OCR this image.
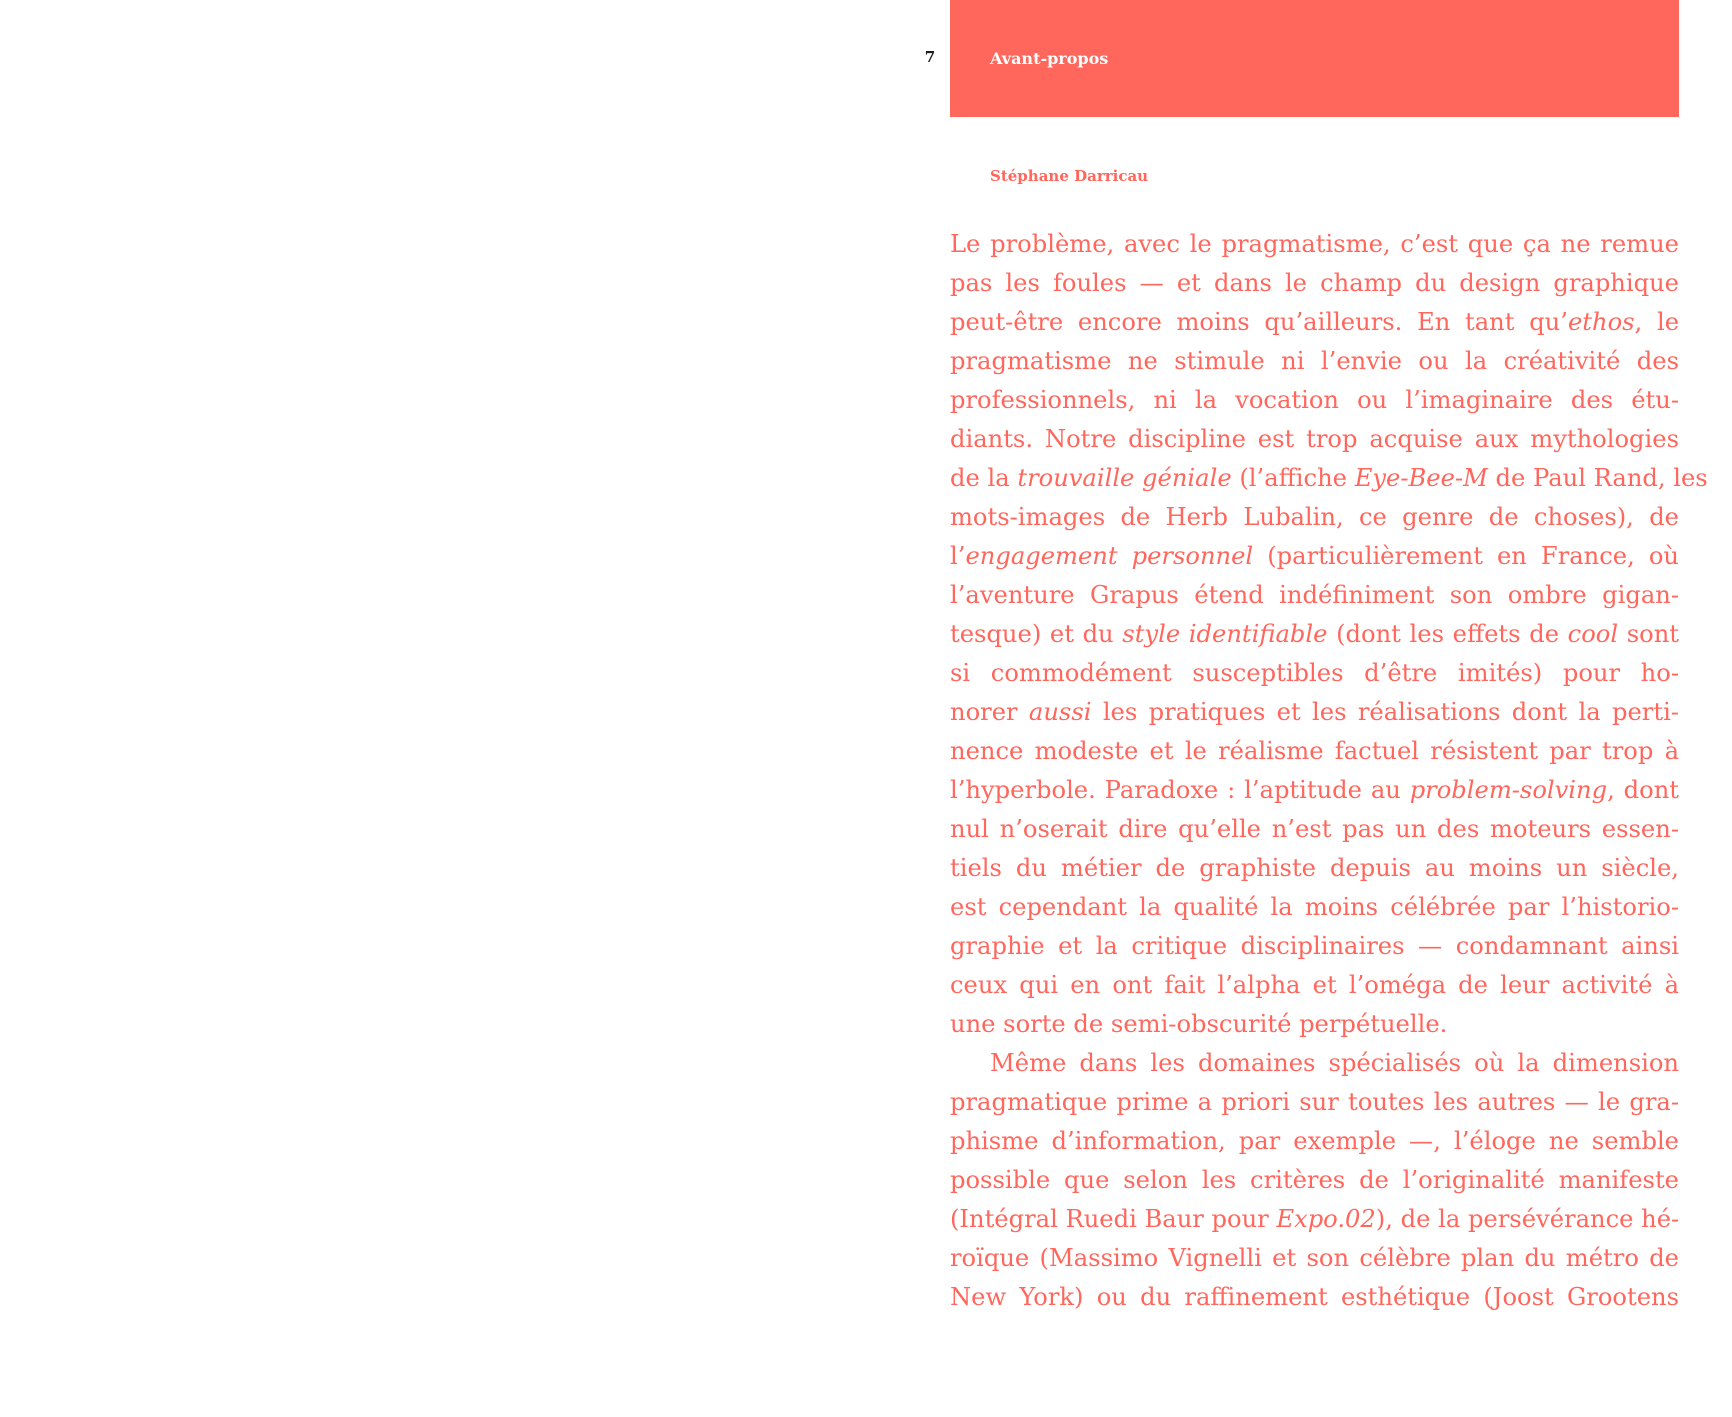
7	Avant-propos
Stéphane Darricau
Le problème, avec le pragmatisme, c’est que ça ne remue
pas les foules — et dans le champ du design graphique
peut-être encore moins qu’ailleurs. En tant qu’ethos, le
pragmatisme ne stimule ni l’envie ou la créativité des
professionnels, ni la vocation ou l’imaginaire des étu-
diants. Notre discipline est trop acquise aux mythologies
de la trouvaille géniale (l’affiche Eye-Bee-M de Paul Rand, les
mots-images de Herb Lubalin, ce genre de choses), de
l’engagement personnel (particulièrement en France, où
l’aventure Grapus étend indéfiniment son ombre gigan-
tesque) et du style identifiable (dont les effets de cool sont
si commodément susceptibles d’être imités) pour ho-
norer aussi les pratiques et les réalisations dont la perti-
nence modeste et le réalisme factuel résistent par trop à
l’hyperbole. Paradoxe : l’aptitude au problem-solving, dont
nul n’oserait dire qu’elle n’est pas un des moteurs essen-
tiels du métier de graphiste depuis au moins un siècle,
est cependant la qualité la moins célébrée par l’historio-
graphie et la critique disciplinaires — condamnant ainsi
ceux qui en ont fait l’alpha et l’oméga de leur activité à
une sorte de semi-obscurité perpétuelle.
Même dans les domaines spécialisés où la dimension
pragmatique prime a priori sur toutes les autres — le gra-
phisme d’information, par exemple —, l’éloge ne semble
possible que selon les critères de l’originalité manifeste
(Intégral Ruedi Baur pour Expo.02), de la persévérance hé-
roïque (Massimo Vignelli et son célèbre plan du métro de
New York) ou du raffinement esthétique (Joost Grootens
